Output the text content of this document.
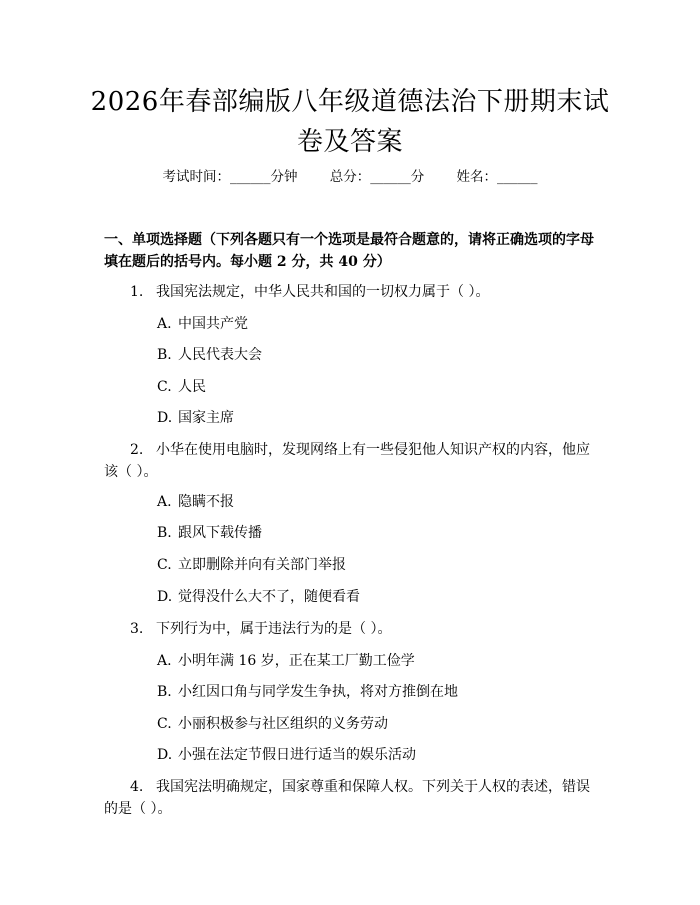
2026年春部编版八年级道德法治下册期末试
卷及答案
考试时间：______分钟 总分：______分 姓名：______
一、单项选择题（下列各题只有一个选项是最符合题意的，请将正确选项的字母
填在题后的括号内。每小题 2 分，共 40 分）
1. 我国宪法规定，中华人民共和国的一切权力属于（ ）。
A. 中国共产党
B. 人民代表大会
C. 人民
D. 国家主席
2. 小华在使用电脑时，发现网络上有一些侵犯他人知识产权的内容，他应该（ ）。
A. 隐瞒不报
B. 跟风下载传播
C. 立即删除并向有关部门举报
D. 觉得没什么大不了，随便看看
3. 下列行为中，属于违法行为的是（ ）。
A. 小明年满 16 岁，正在某工厂勤工俭学
B. 小红因口角与同学发生争执，将对方推倒在地
C. 小丽积极参与社区组织的义务劳动
D. 小强在法定节假日进行适当的娱乐活动
4. 我国宪法明确规定，国家尊重和保障人权。下列关于人权的表述，错误的是（ ）。
